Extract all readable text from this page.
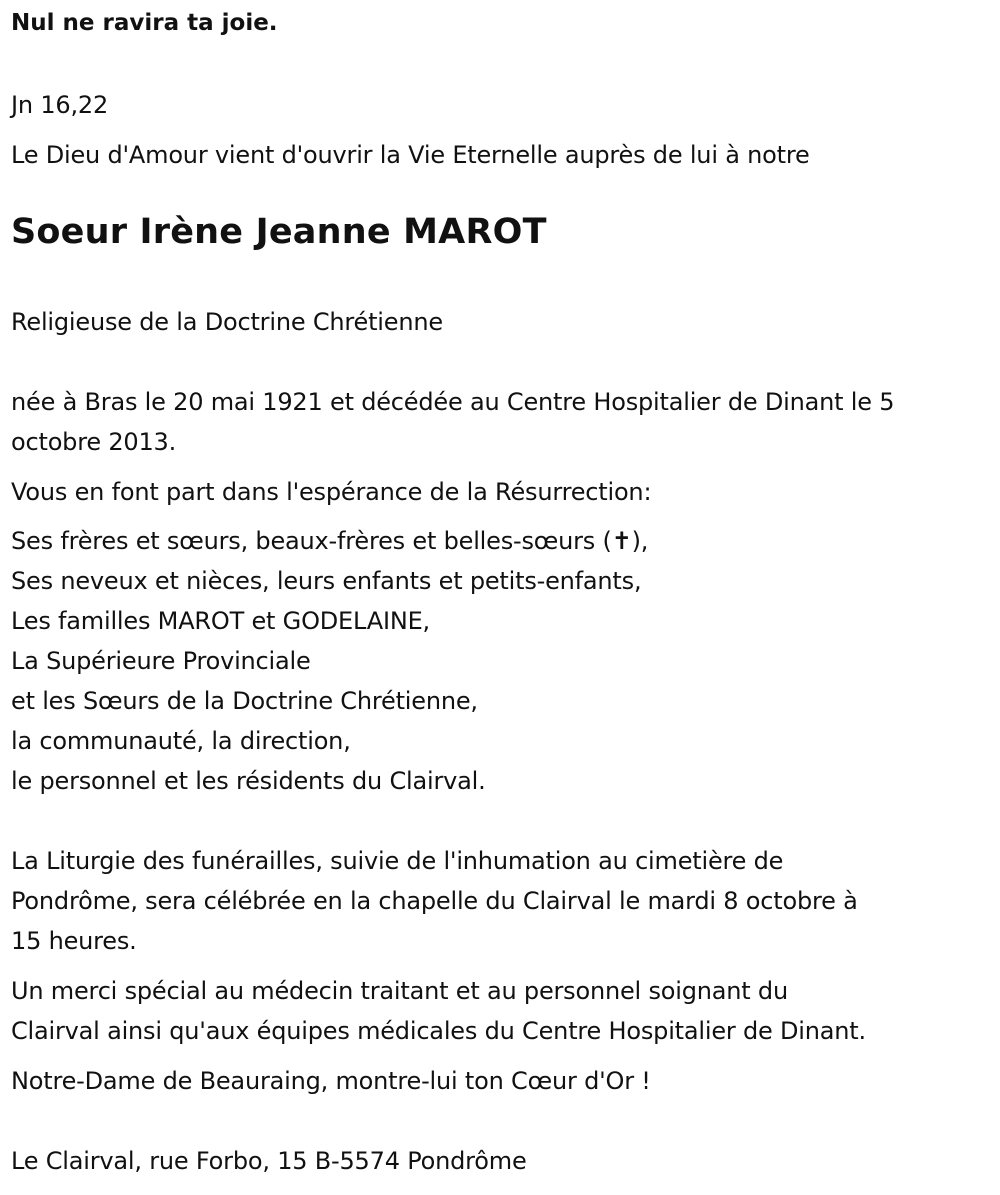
Nul ne ravira ta joie.

Jn 16,22

Le Dieu d'Amour vient d'ouvrir la Vie Eternelle auprès de lui à notre

Soeur Irène Jeanne MAROT

Religieuse de la Doctrine Chrétienne

née à Bras le 20 mai 1921 et décédée au Centre Hospitalier de Dinant le 5

octobre 2013.

Vous en font part dans l'espérance de la Résurrection:

Ses frères et sœurs, beaux-frères et belles-sœurs (✝),

Ses neveux et nièces, leurs enfants et petits-enfants,

Les familles MAROT et GODELAINE,

La Supérieure Provinciale

et les Sœurs de la Doctrine Chrétienne,

la communauté, la direction,

le personnel et les résidents du Clairval.

La Liturgie des funérailles, suivie de l'inhumation au cimetière de

Pondrôme, sera célébrée en la chapelle du Clairval le mardi 8 octobre à

15 heures.

Un merci spécial au médecin traitant et au personnel soignant du

Clairval ainsi qu'aux équipes médicales du Centre Hospitalier de Dinant.

Notre-Dame de Beauraing, montre-lui ton Cœur d'Or !

Le Clairval, rue Forbo, 15 B-5574 Pondrôme
